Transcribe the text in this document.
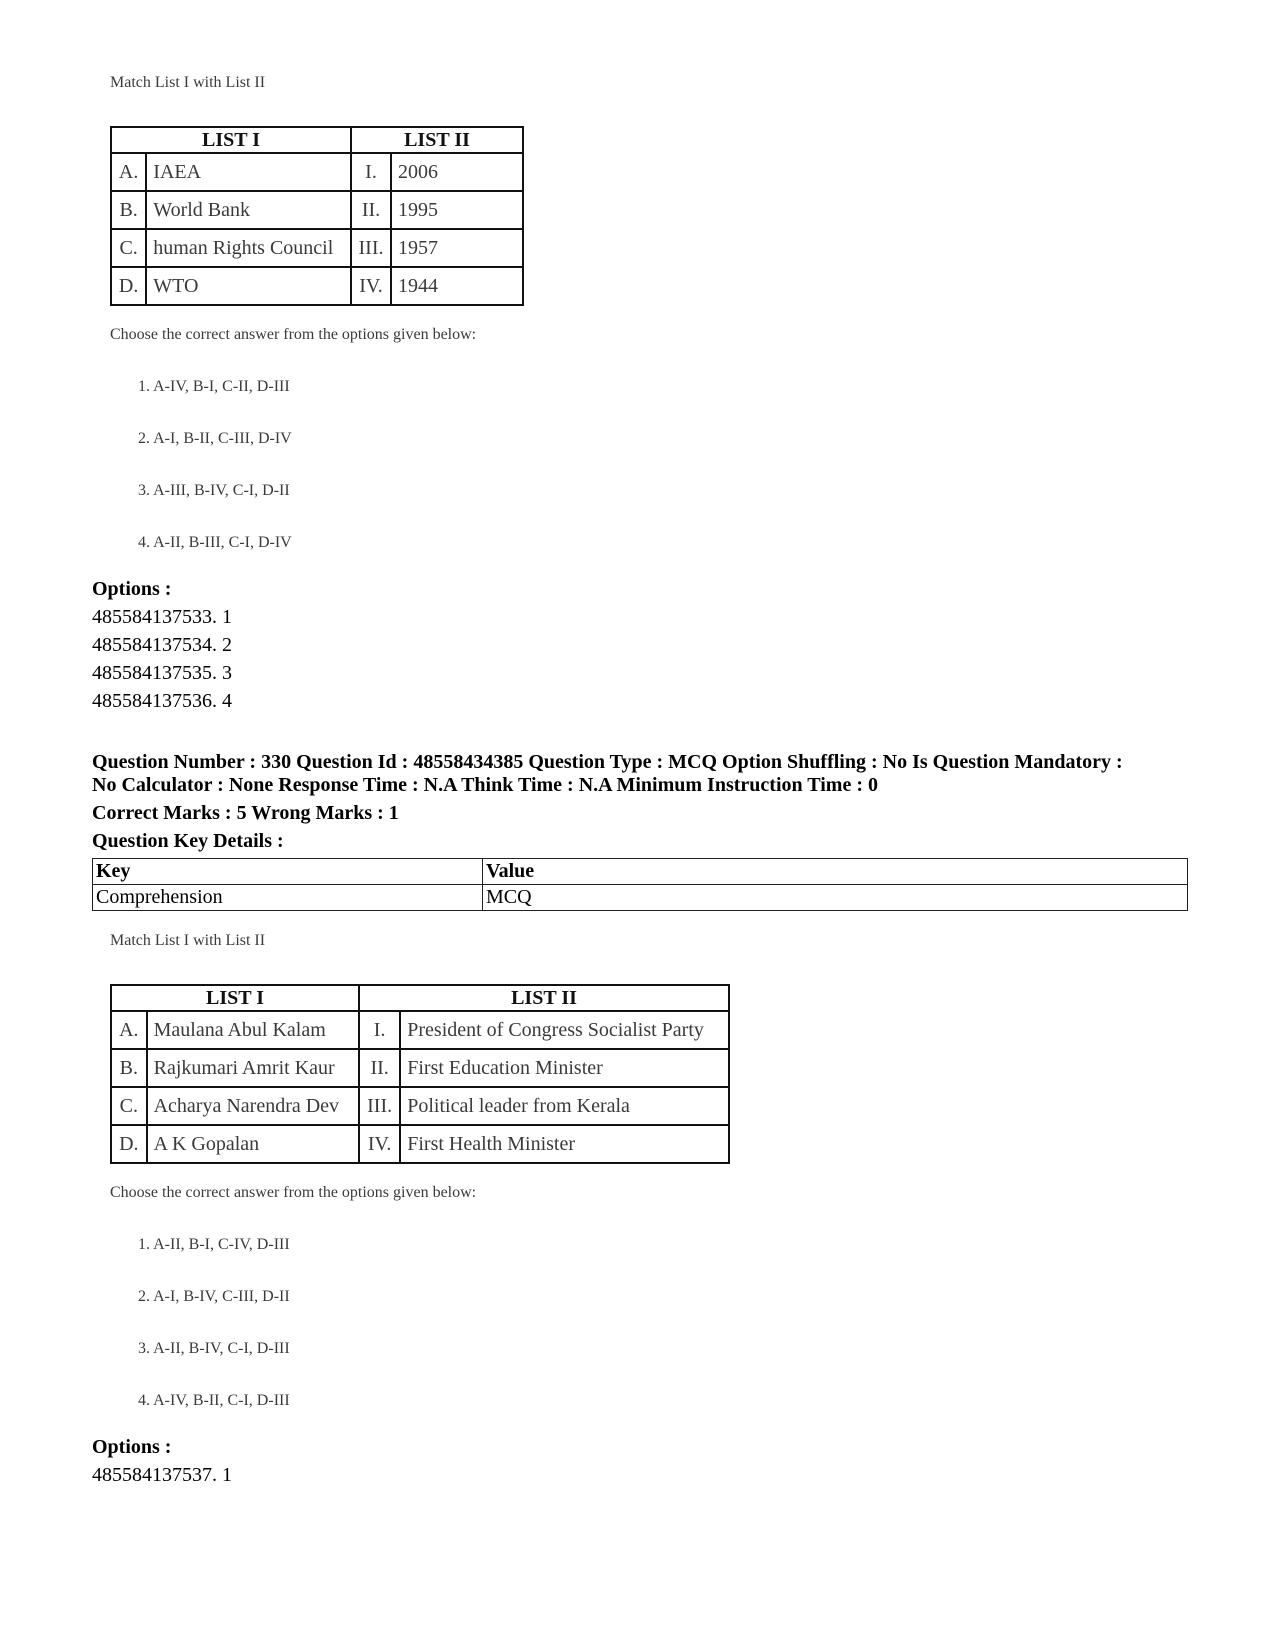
Match List I with List II
LIST I		LIST II	
A.	IAEA	I.	2006
B.	World Bank	II.	1995
C.	human Rights Council	III.	1957
D.	WTO	IV.	1944
Choose the correct answer from the options given below:
1. A-IV, B-I, C-II, D-III
2. A-I, B-II, C-III, D-IV
3. A-III, B-IV, C-I, D-II
4. A-II, B-III, C-I, D-IV
Options :
485584137533. 1
485584137534. 2
485584137535. 3
485584137536. 4
Question Number : 330 Question Id : 48558434385 Question Type : MCQ Option Shuffling : No Is Question Mandatory :
No Calculator : None Response Time : N.A Think Time : N.A Minimum Instruction Time : 0
Correct Marks : 5 Wrong Marks : 1
Question Key Details :
Key	Value
Comprehension	MCQ
Match List I with List II
LIST I		LIST II	
A.	Maulana Abul Kalam	I.	President of Congress Socialist Party
B.	Rajkumari Amrit Kaur	II.	First Education Minister
C.	Acharya Narendra Dev	III.	Political leader from Kerala
D.	A K Gopalan	IV.	First Health Minister
Choose the correct answer from the options given below:
1. A-II, B-I, C-IV, D-III
2. A-I, B-IV, C-III, D-II
3. A-II, B-IV, C-I, D-III
4. A-IV, B-II, C-I, D-III
Options :
485584137537. 1
